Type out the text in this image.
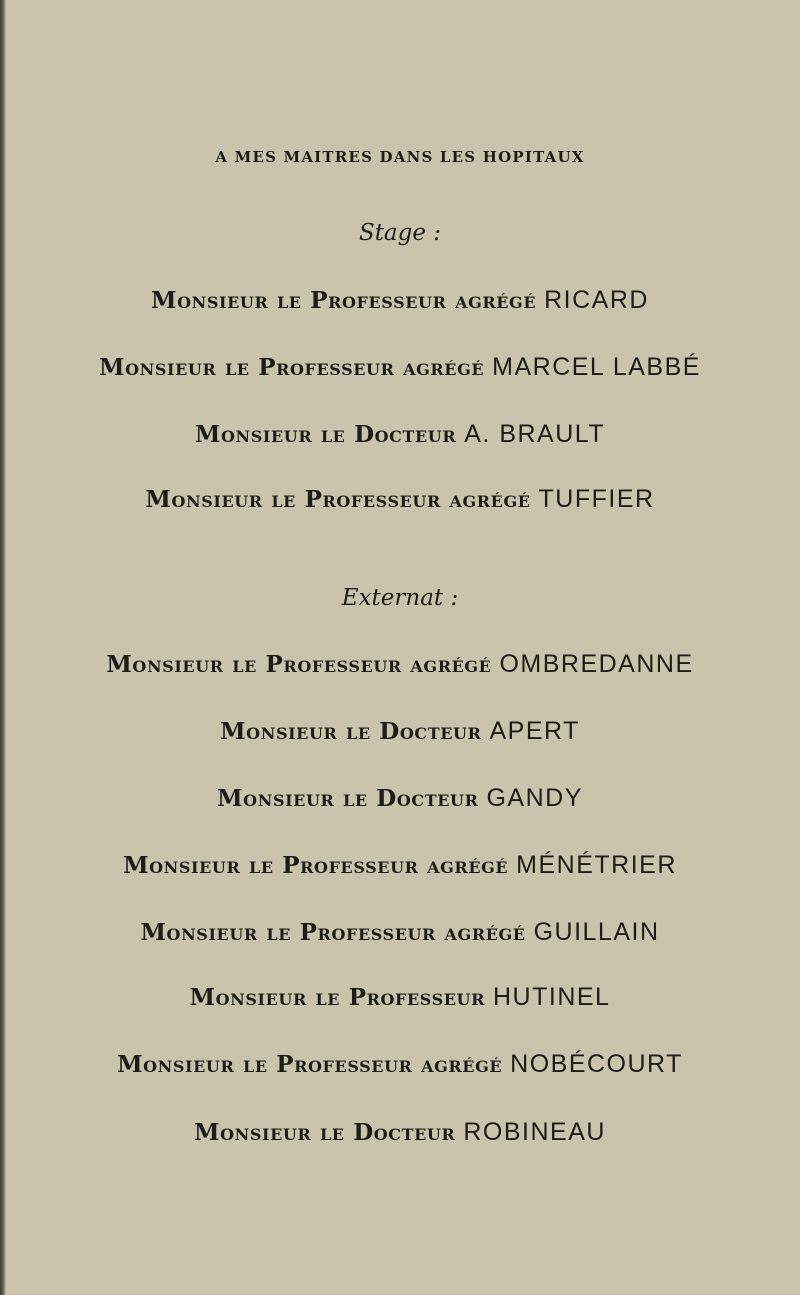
A MES MAITRES DANS LES HOPITAUX
Stage :
Monsieur le Professeur agrégé RICARD
Monsieur le Professeur agrégé MARCEL LABBÉ
Monsieur le Docteur A. BRAULT
Monsieur le Professeur agrégé TUFFIER
Externat :
Monsieur le Professeur agrégé OMBREDANNE
Monsieur le Docteur APERT
Monsieur le Docteur GANDY
Monsieur le Professeur agrégé MÉNÉTRIER
Monsieur le Professeur agrégé GUILLAIN
Monsieur le Professeur HUTINEL
Monsieur le Professeur agrégé NOBÉCOURT
Monsieur le Docteur ROBINEAU
